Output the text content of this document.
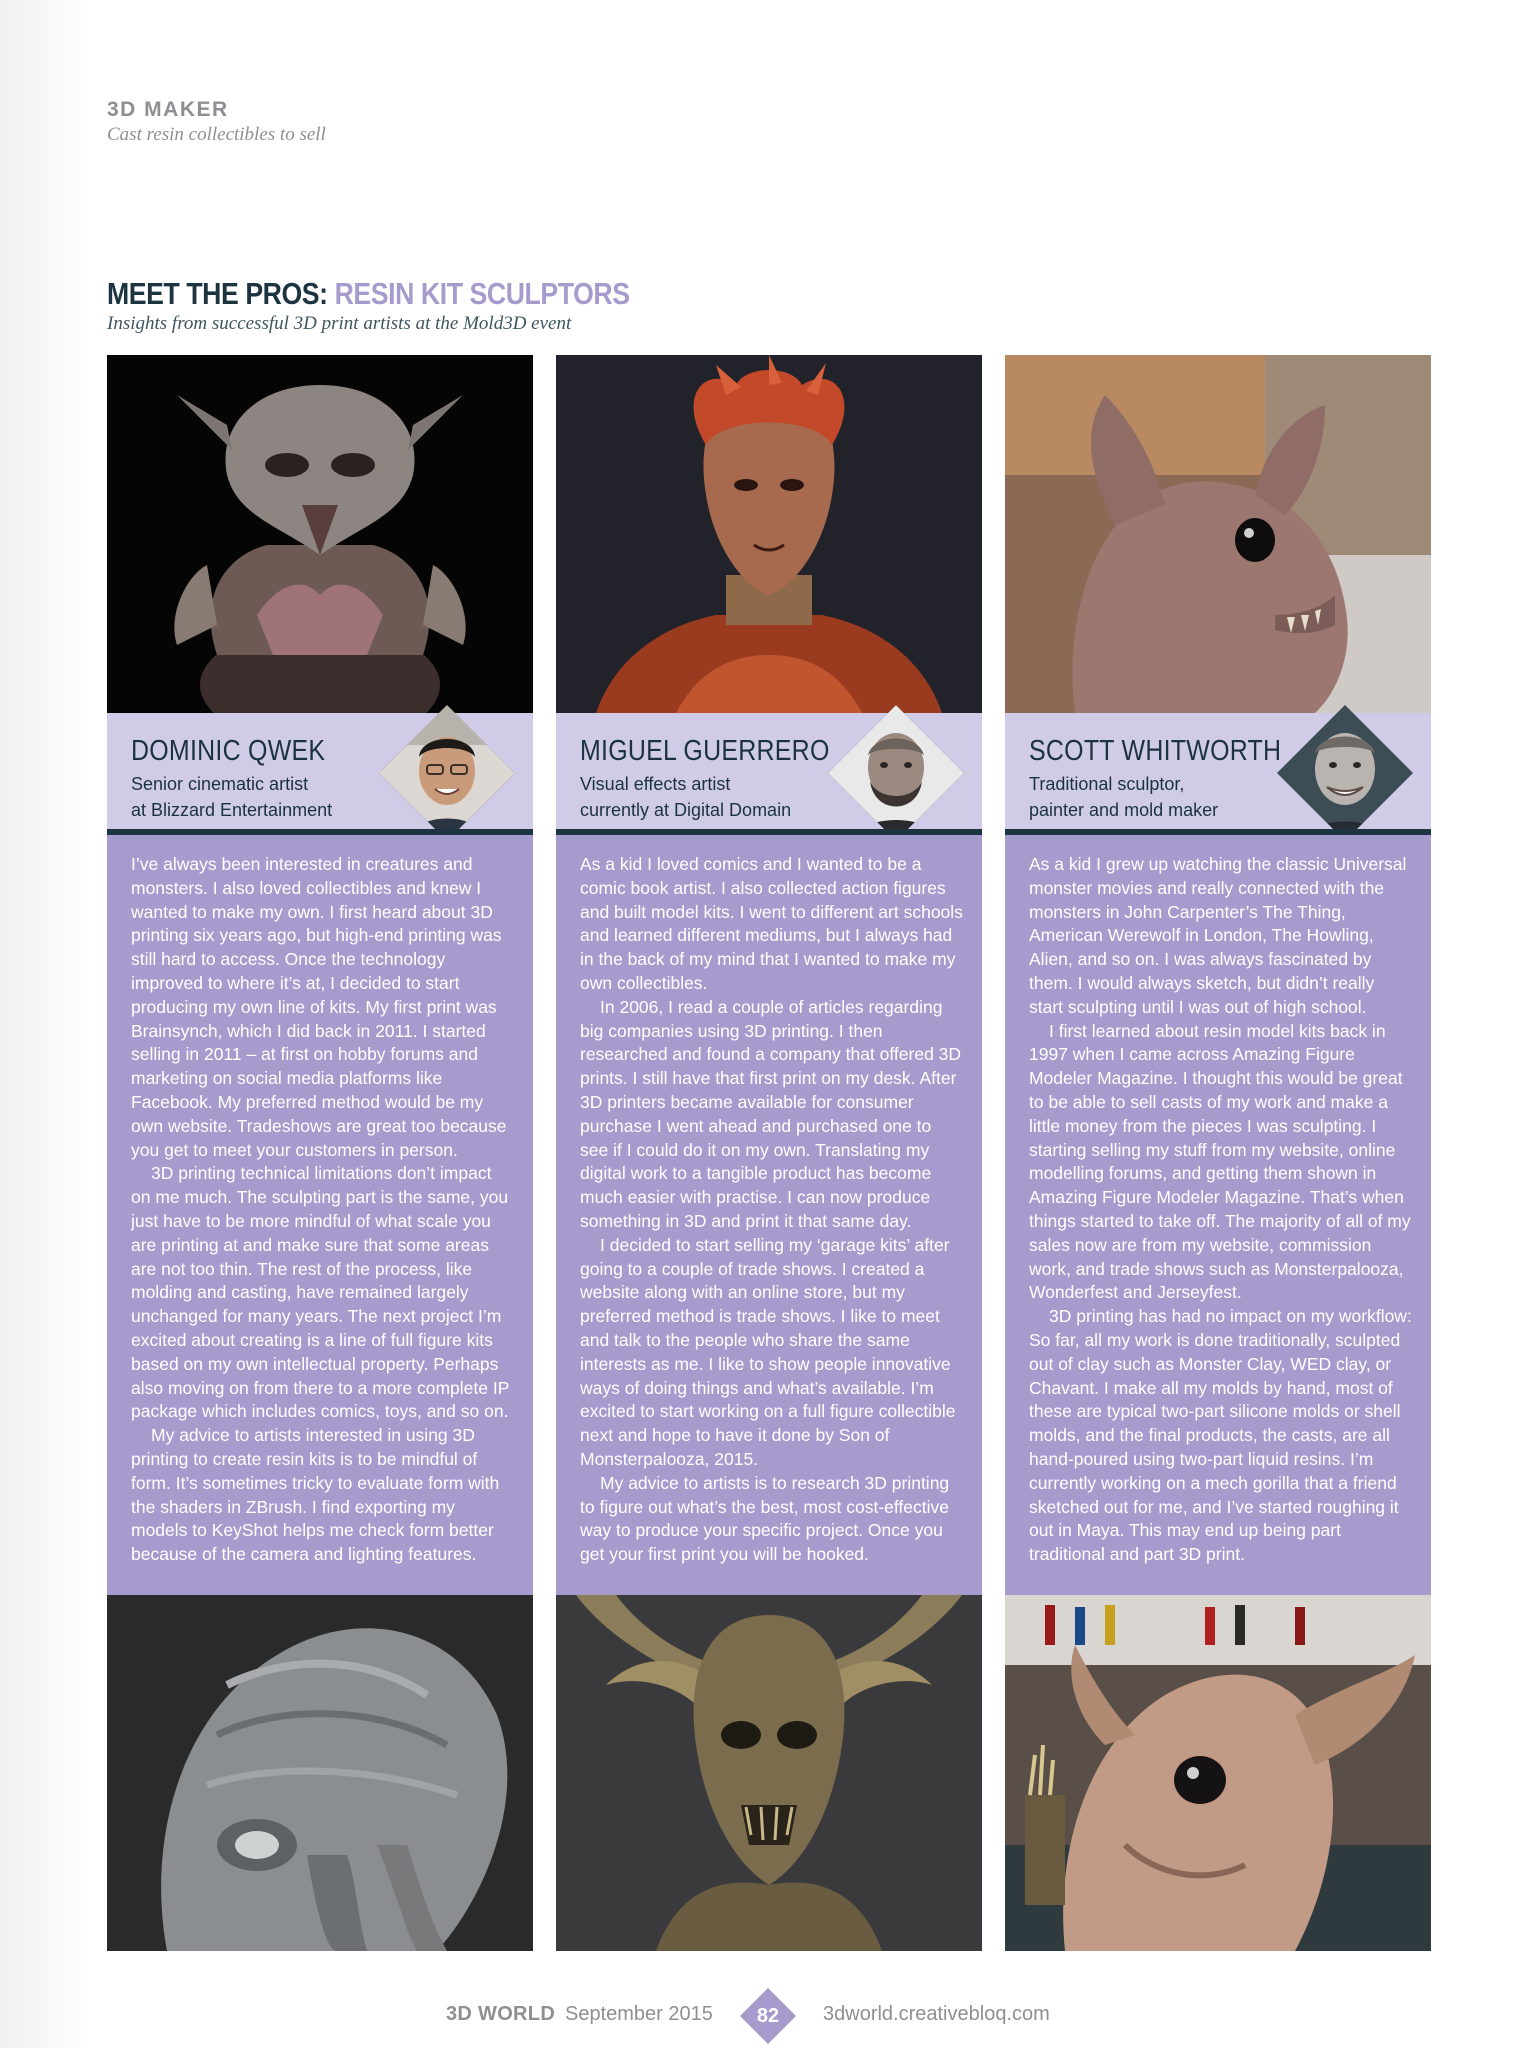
3D MAKER
Cast resin collectibles to sell
MEET THE PROS: RESIN KIT SCULPTORS
Insights from successful 3D print artists at the Mold3D event
DOMINIC QWEK
Senior cinematic artist
at Blizzard Entertainment

I’ve always been interested in creatures and monsters. I also loved collectibles and knew I wanted to make my own. I first heard about 3D printing six years ago, but high-end printing was still hard to access. Once the technology improved to where it’s at, I decided to start producing my own line of kits. My first print was Brainsynch, which I did back in 2011. I started selling in 2011 – at first on hobby forums and marketing on social media platforms like Facebook. My preferred method would be my own website. Tradeshows are great too because you get to meet your customers in person.

3D printing technical limitations don’t impact on me much. The sculpting part is the same, you just have to be more mindful of what scale you are printing at and make sure that some areas are not too thin. The rest of the process, like molding and casting, have remained largely unchanged for many years. The next project I’m excited about creating is a line of full figure kits based on my own intellectual property. Perhaps also moving on from there to a more complete IP package which includes comics, toys, and so on.

My advice to artists interested in using 3D printing to create resin kits is to be mindful of form. It’s sometimes tricky to evaluate form with the shaders in ZBrush. I find exporting my models to KeyShot helps me check form better because of the camera and lighting features.

MIGUEL GUERRERO
Visual effects artist
currently at Digital Domain

As a kid I loved comics and I wanted to be a comic book artist. I also collected action figures and built model kits. I went to different art schools and learned different mediums, but I always had in the back of my mind that I wanted to make my own collectibles.

In 2006, I read a couple of articles regarding big companies using 3D printing. I then researched and found a company that offered 3D prints. I still have that first print on my desk. After 3D printers became available for consumer purchase I went ahead and purchased one to see if I could do it on my own. Translating my digital work to a tangible product has become much easier with practise. I can now produce something in 3D and print it that same day.

I decided to start selling my ‘garage kits’ after going to a couple of trade shows. I created a website along with an online store, but my preferred method is trade shows. I like to meet and talk to the people who share the same interests as me. I like to show people innovative ways of doing things and what’s available. I’m excited to start working on a full figure collectible next and hope to have it done by Son of Monsterpalooza, 2015.

My advice to artists is to research 3D printing to figure out what’s the best, most cost-effective way to produce your specific project. Once you get your first print you will be hooked.

SCOTT WHITWORTH
Traditional sculptor,
painter and mold maker

As a kid I grew up watching the classic Universal monster movies and really connected with the monsters in John Carpenter’s The Thing, American Werewolf in London, The Howling, Alien, and so on. I was always fascinated by them. I would always sketch, but didn’t really start sculpting until I was out of high school.

I first learned about resin model kits back in 1997 when I came across Amazing Figure Modeler Magazine. I thought this would be great to be able to sell casts of my work and make a little money from the pieces I was sculpting. I starting selling my stuff from my website, online modelling forums, and getting them shown in Amazing Figure Modeler Magazine. That’s when things started to take off. The majority of all of my sales now are from my website, commission work, and trade shows such as Monsterpalooza, Wonderfest and Jerseyfest.

3D printing has had no impact on my workflow: So far, all my work is done traditionally, sculpted out of clay such as Monster Clay, WED clay, or Chavant. I make all my molds by hand, most of these are typical two-part silicone molds or shell molds, and the final products, the casts, are all hand-poured using two-part liquid resins. I’m currently working on a mech gorilla that a friend sketched out for me, and I’ve started roughing it out in Maya. This may end up being part traditional and part 3D print.

3D WORLD September 2015	82	3dworld.creativebloq.com
